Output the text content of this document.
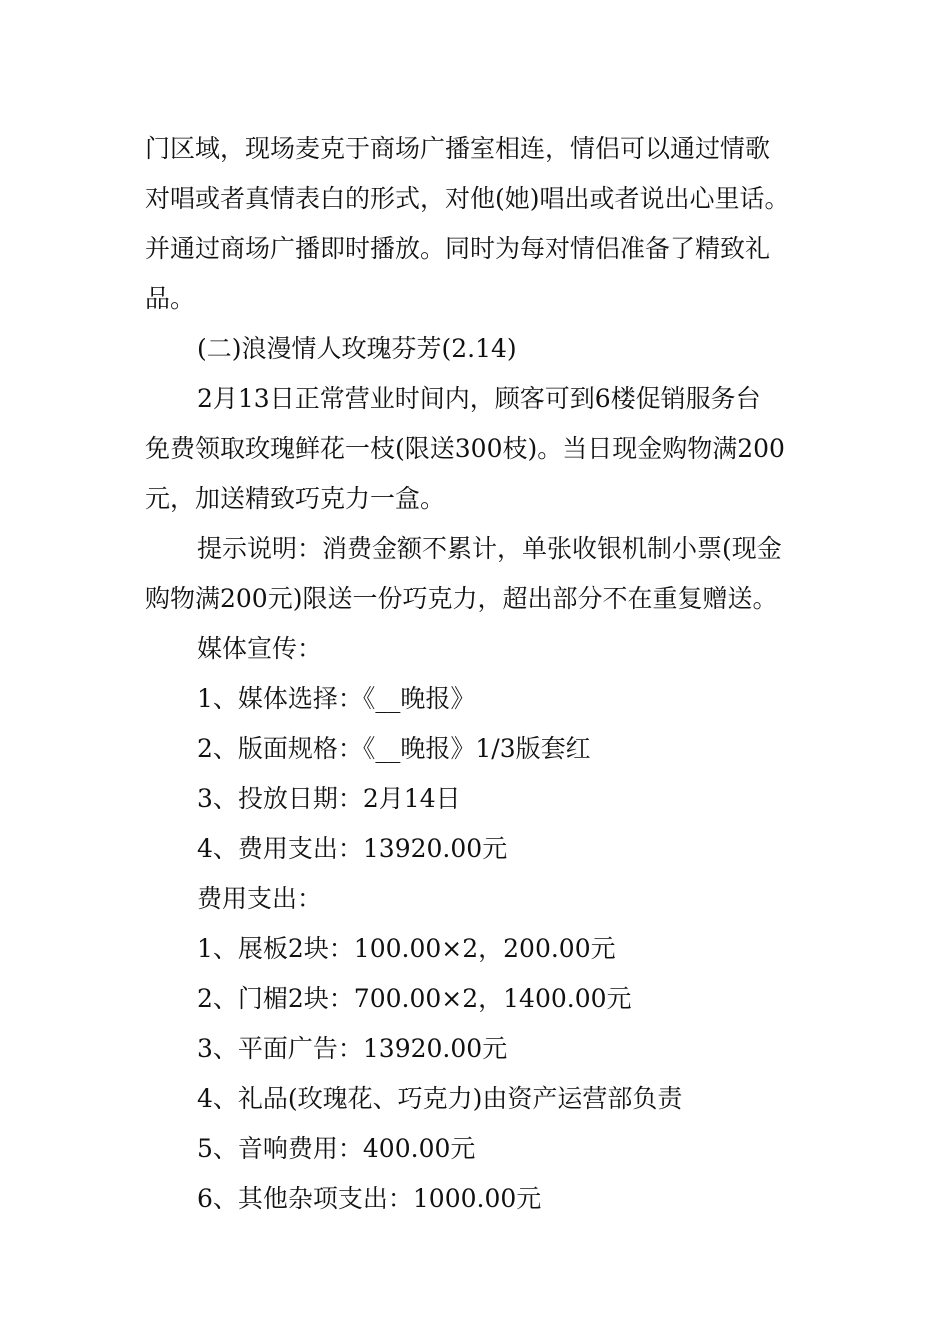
门区域，现场麦克于商场广播室相连，情侣可以通过情歌
对唱或者真情表白的形式，对他(她)唱出或者说出心里话。
并通过商场广播即时播放。同时为每对情侣准备了精致礼
品。

(二)浪漫情人玫瑰芬芳(2.14)

2月13日正常营业时间内，顾客可到6楼促销服务台
免费领取玫瑰鲜花一枝(限送300枝)。当日现金购物满200
元，加送精致巧克力一盒。

提示说明：消费金额不累计，单张收银机制小票(现金
购物满200元)限送一份巧克力，超出部分不在重复赠送。

媒体宣传：

1、媒体选择：《__晚报》

2、版面规格：《__晚报》1/3版套红

3、投放日期：2月14日

4、费用支出：13920.00元

费用支出：

1、展板2块：100.00×2，200.00元

2、门楣2块：700.00×2，1400.00元

3、平面广告：13920.00元

4、礼品(玫瑰花、巧克力)由资产运营部负责

5、音响费用：400.00元

6、其他杂项支出：1000.00元
